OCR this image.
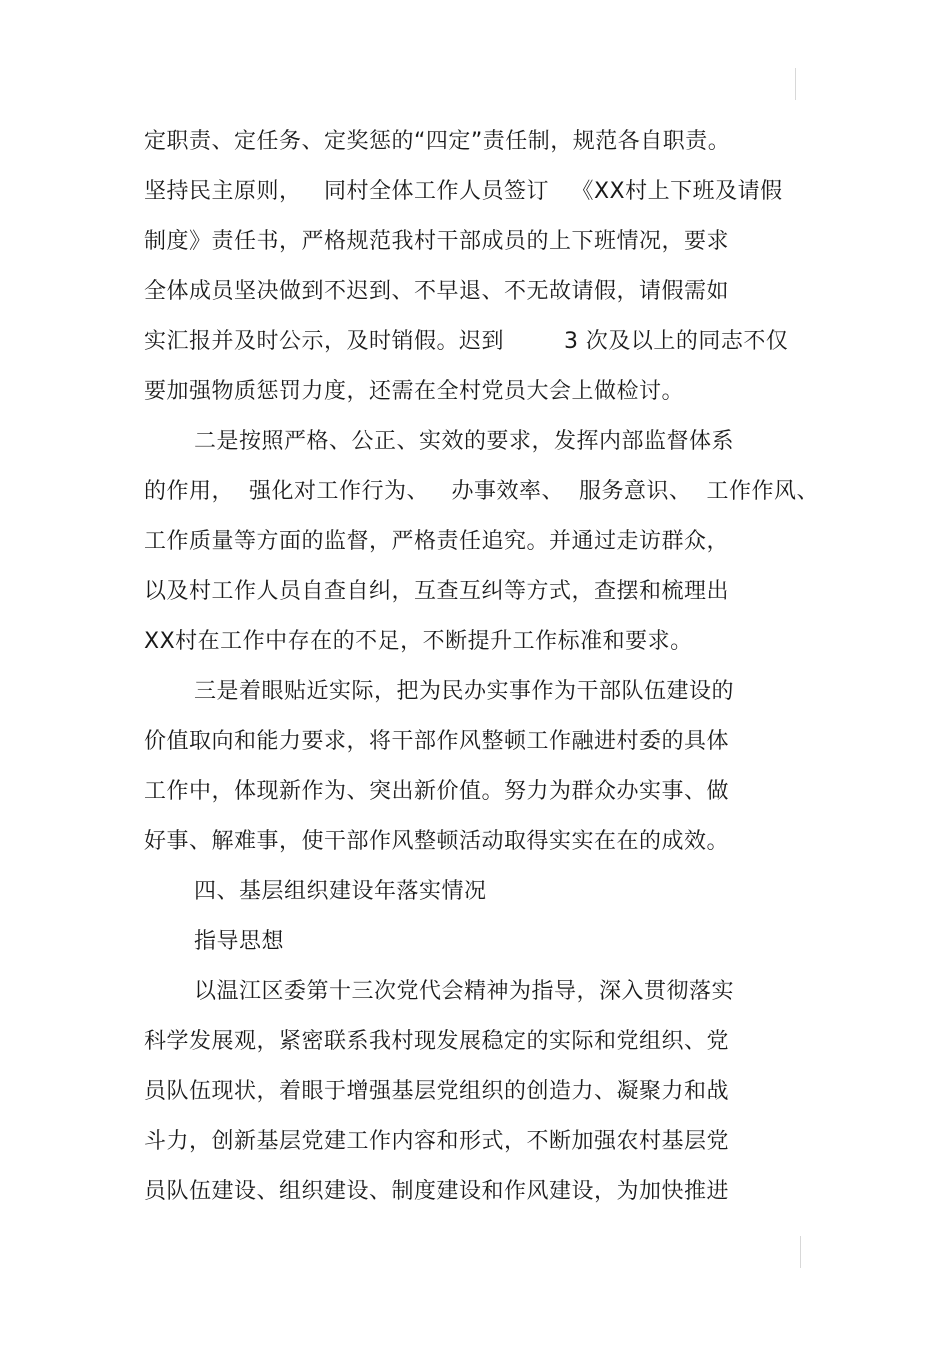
定职责、定任务、定奖惩的“四定”责任制，规范各自职责。
坚持民主原则，   同村全体工作人员签订   《XX村上下班及请假
制度》责任书，严格规范我村干部成员的上下班情况，要求
全体成员坚决做到不迟到、不早退、不无故请假，请假需如
实汇报并及时公示，及时销假。迟到        3 次及以上的同志不仅
要加强物质惩罚力度，还需在全村党员大会上做检讨。
二是按照严格、公正、实效的要求，发挥内部监督体系
的作用，  强化对工作行为、   办事效率、  服务意识、  工作作风、
工作质量等方面的监督，严格责任追究。并通过走访群众，
以及村工作人员自查自纠，互查互纠等方式，查摆和梳理出
XX村在工作中存在的不足，不断提升工作标准和要求。
三是着眼贴近实际，把为民办实事作为干部队伍建设的
价值取向和能力要求，将干部作风整顿工作融进村委的具体
工作中，体现新作为、突出新价值。努力为群众办实事、做
好事、解难事，使干部作风整顿活动取得实实在在的成效。
四、基层组织建设年落实情况
指导思想
以温江区委第十三次党代会精神为指导，深入贯彻落实
科学发展观，紧密联系我村现发展稳定的实际和党组织、党
员队伍现状，着眼于增强基层党组织的创造力、凝聚力和战
斗力，创新基层党建工作内容和形式，不断加强农村基层党
员队伍建设、组织建设、制度建设和作风建设，为加快推进
